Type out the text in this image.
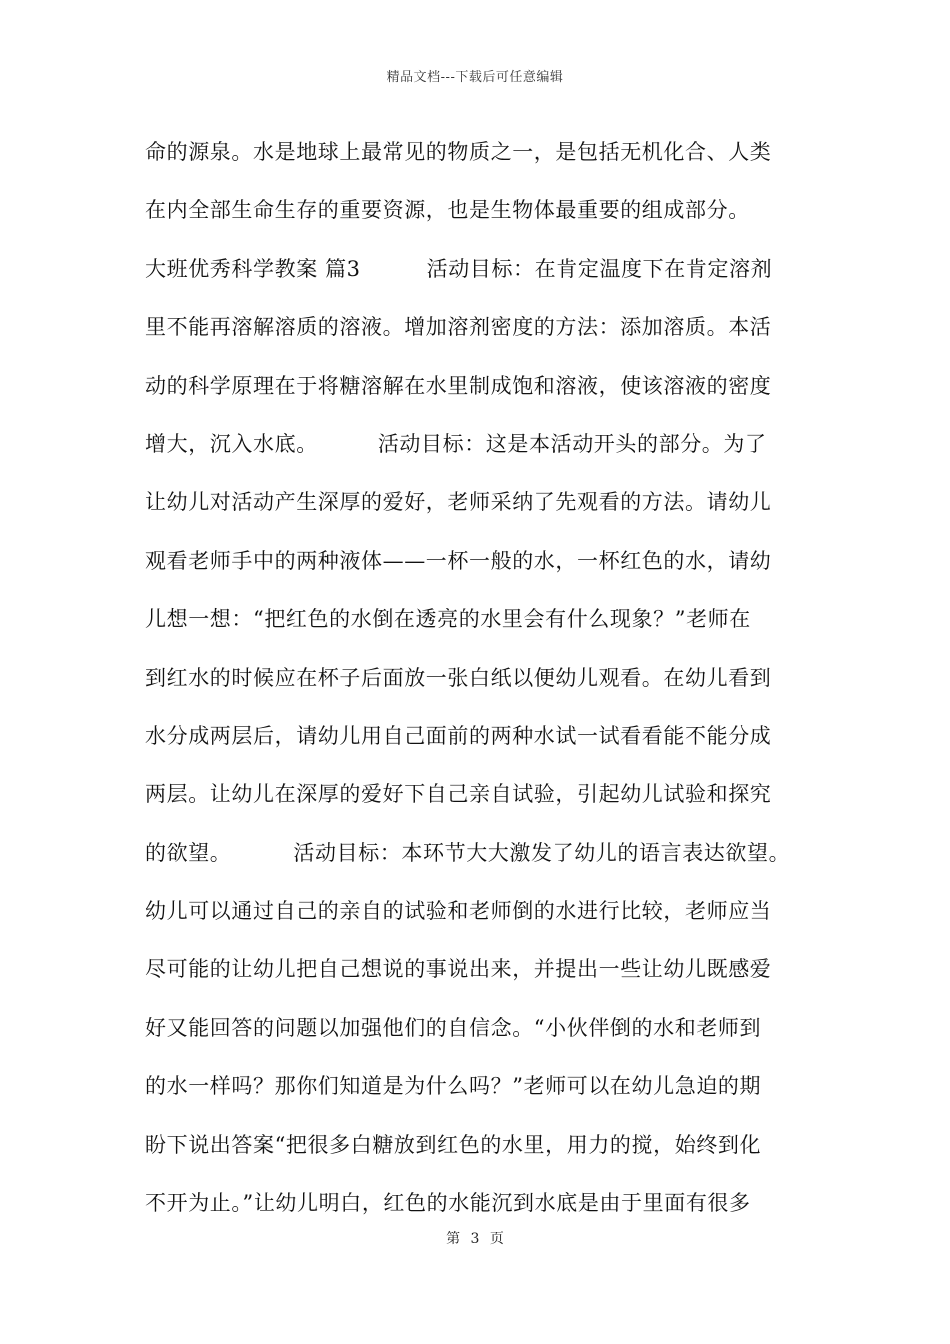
精品文档---下载后可任意编辑
命的源泉。水是地球上最常见的物质之一，是包括无机化合、人类
在内全部生命生存的重要资源，也是生物体最重要的组成部分。
大班优秀科学教案 篇3	活动目标：在肯定温度下在肯定溶剂
里不能再溶解溶质的溶液。增加溶剂密度的方法：添加溶质。本活
动的科学原理在于将糖溶解在水里制成饱和溶液，使该溶液的密度
增大，沉入水底。	活动目标：这是本活动开头的部分。为了
让幼儿对活动产生深厚的爱好，老师采纳了先观看的方法。请幼儿
观看老师手中的两种液体——一杯一般的水，一杯红色的水，请幼
儿想一想：“把红色的水倒在透亮的水里会有什么现象？”老师在
到红水的时候应在杯子后面放一张白纸以便幼儿观看。在幼儿看到
水分成两层后，请幼儿用自己面前的两种水试一试看看能不能分成
两层。让幼儿在深厚的爱好下自己亲自试验，引起幼儿试验和探究
的欲望。	活动目标：本环节大大激发了幼儿的语言表达欲望。
幼儿可以通过自己的亲自的试验和老师倒的水进行比较，老师应当
尽可能的让幼儿把自己想说的事说出来，并提出一些让幼儿既感爱
好又能回答的问题以加强他们的自信念。“小伙伴倒的水和老师到
的水一样吗？那你们知道是为什么吗？”老师可以在幼儿急迫的期
盼下说出答案“把很多白糖放到红色的水里，用力的搅，始终到化
不开为止。”让幼儿明白，红色的水能沉到水底是由于里面有很多
第 3 页
